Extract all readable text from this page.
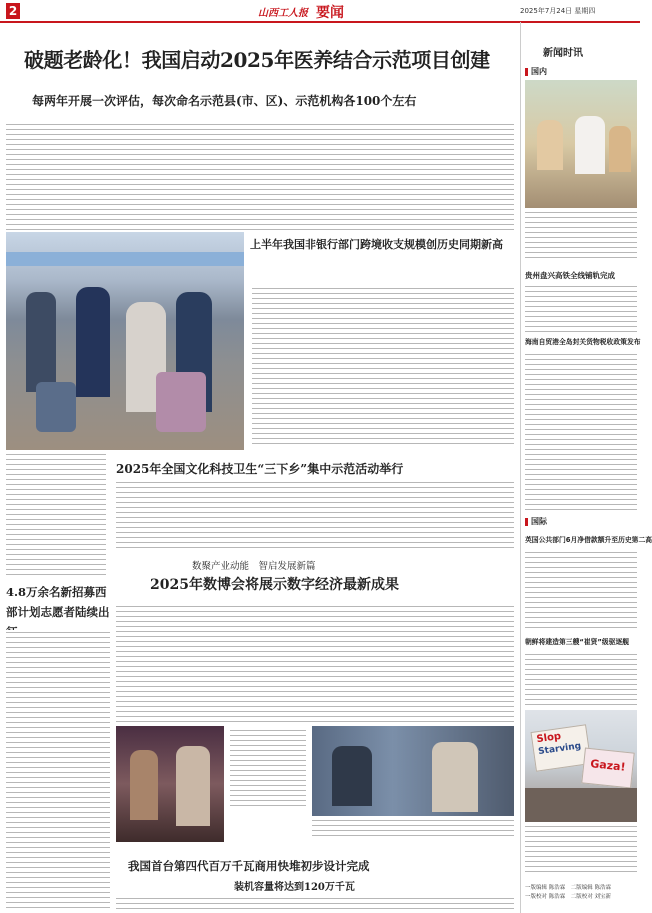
2	山西工人报 要闻	2025年7月24日 星期四
破题老龄化！我国启动2025年医养结合示范项目创建
每两年开展一次评估，每次命名示范县(市、区)、示范机构各100个左右
上半年我国非银行部门跨境收支规模创历史同期新高
2025年全国文化科技卫生“三下乡”集中示范活动举行
数聚产业动能　智启发展新篇
2025年数博会将展示数字经济最新成果
4.8万余名新招募西部计划志愿者陆续出
我国首台第四代百万千瓦商用快堆初步设计完成
装机容量将达到120万千瓦
新闻时讯
国内
贵州盘兴高铁全线铺轨完成
海南自贸港全岛封关货物税收政策发布
国际
英国公共部门6月净借款额升至历史第二高
朝鲜将建造第三艘“崔贤”级驱逐舰
Slop
Starving
Gaza!
一版编辑 陈浩霖　二版编辑 陈浩霖
一版校对 陈浩霖　二版校对 刘宝新
